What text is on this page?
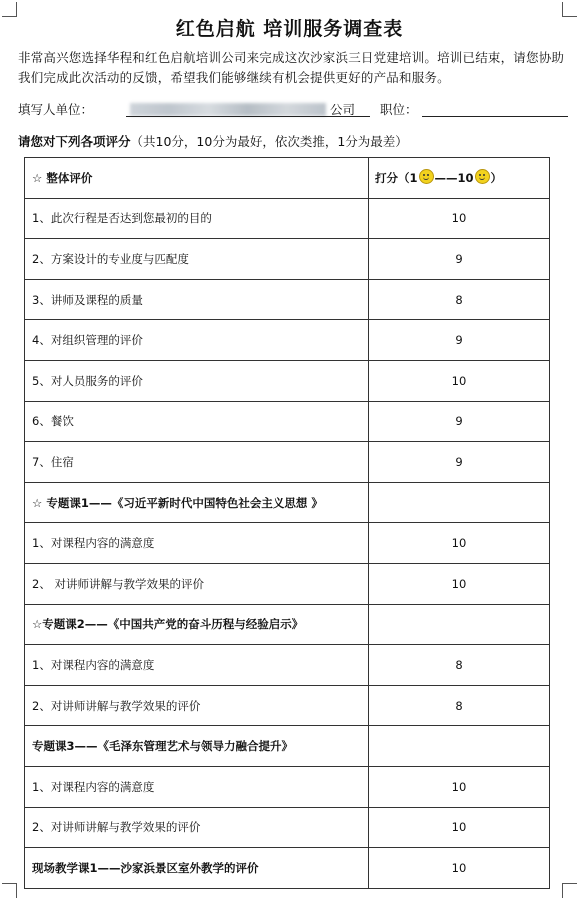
红色启航 培训服务调查表
非常高兴您选择华程和红色启航培训公司来完成这次沙家浜三日党建培训。培训已结束，请您协助我们完成此次活动的反馈，希望我们能够继续有机会提供更好的产品和服务。
填写人单位：	公司 职位：
请您对下列各项评分（共10分，10分为最好，依次类推，1分为最差）
☆ 整体评价	打分（1 ——10 ）
1、此次行程是否达到您最初的目的	10
2、方案设计的专业度与匹配度	9
3、讲师及课程的质量	8
4、对组织管理的评价	9
5、对人员服务的评价	10
6、餐饮	9
7、住宿	9
☆ 专题课1——《习近平新时代中国特色社会主义思想 》	
1、对课程内容的满意度	10
2、 对讲师讲解与教学效果的评价	10
☆专题课2——《中国共产党的奋斗历程与经验启示》	
1、对课程内容的满意度	8
2、对讲师讲解与教学效果的评价	8
专题课3——《毛泽东管理艺术与领导力融合提升》	
1、对课程内容的满意度	10
2、对讲师讲解与教学效果的评价	10
现场教学课1——沙家浜景区室外教学的评价	10
